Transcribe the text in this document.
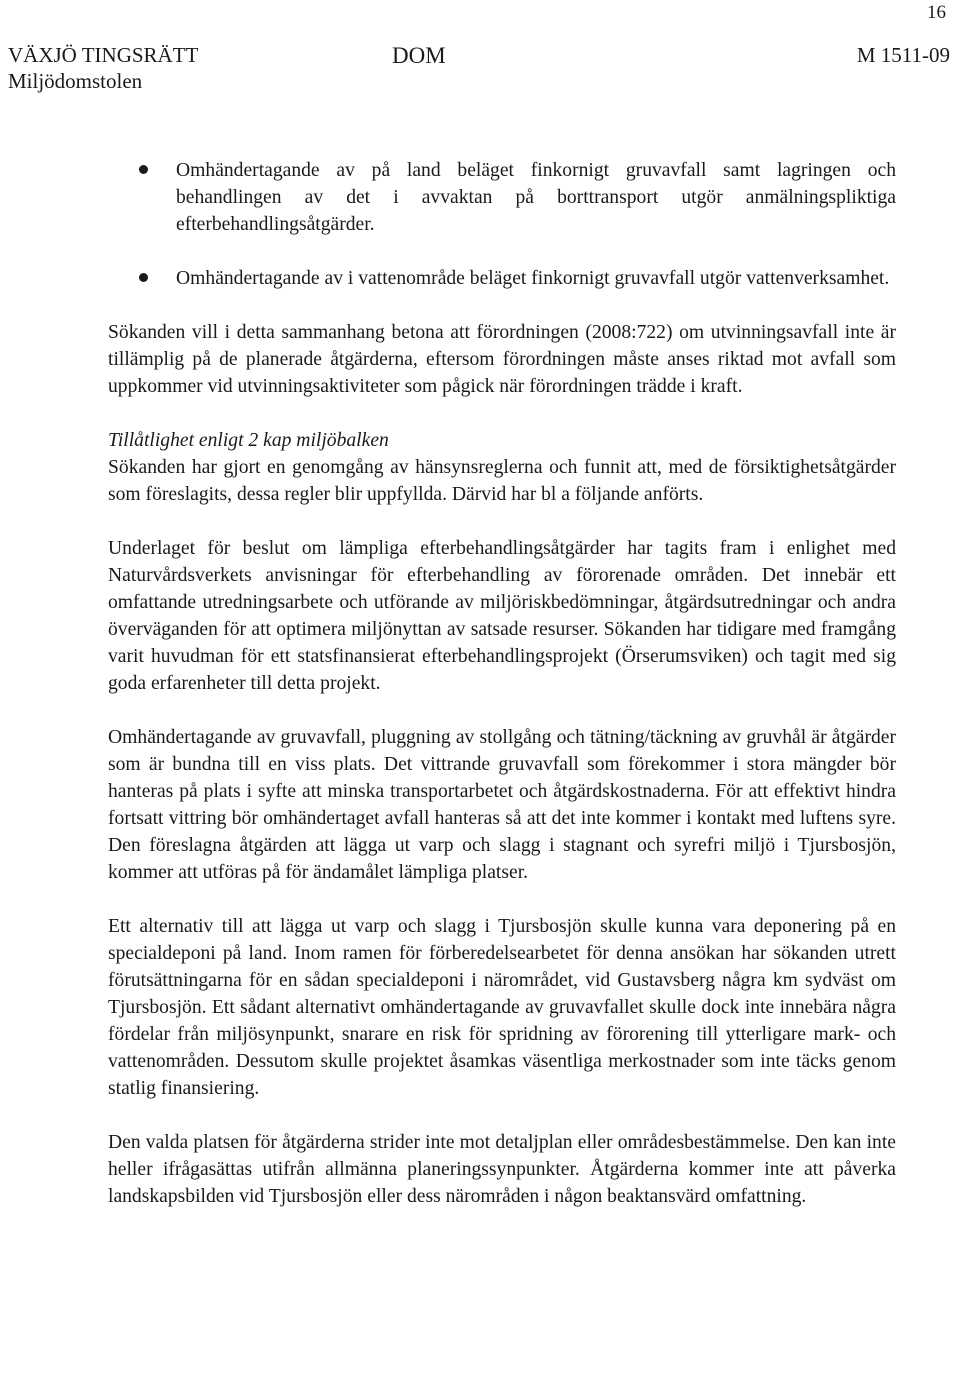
16
VÄXJÖ TINGSRÄTT
Miljödomstolen
DOM	M 1511-09
Omhändertagande av på land beläget finkornigt gruvavfall samt lagringen och behandlingen av det i avvaktan på borttransport utgör anmälningspliktiga efterbehandlingsåtgärder.
Omhändertagande av i vattenområde beläget finkornigt gruvavfall utgör vattenverksamhet.

Sökanden vill i detta sammanhang betona att förordningen (2008:722) om utvinningsavfall inte är tillämplig på de planerade åtgärderna, eftersom förordningen måste anses riktad mot avfall som uppkommer vid utvinningsaktiviteter som pågick när förordningen trädde i kraft.

Tillåtlighet enligt 2 kap miljöbalken

Sökanden har gjort en genomgång av hänsynsreglerna och funnit att, med de försiktighetsåtgärder som föreslagits, dessa regler blir uppfyllda. Därvid har bl a följande anförts.

Underlaget för beslut om lämpliga efterbehandlingsåtgärder har tagits fram i enlighet med Naturvårdsverkets anvisningar för efterbehandling av förorenade områden. Det innebär ett omfattande utredningsarbete och utförande av miljöriskbedömningar, åtgärdsutredningar och andra överväganden för att optimera miljönyttan av satsade resurser. Sökanden har tidigare med framgång varit huvudman för ett statsfinansierat efterbehandlingsprojekt (Örserumsviken) och tagit med sig goda erfarenheter till detta projekt.

Omhändertagande av gruvavfall, pluggning av stollgång och tätning/täckning av gruvhål är åtgärder som är bundna till en viss plats. Det vittrande gruvavfall som förekommer i stora mängder bör hanteras på plats i syfte att minska transportarbetet och åtgärdskostnaderna. För att effektivt hindra fortsatt vittring bör omhändertaget avfall hanteras så att det inte kommer i kontakt med luftens syre. Den föreslagna åtgärden att lägga ut varp och slagg i stagnant och syrefri miljö i Tjursbosjön, kommer att utföras på för ändamålet lämpliga platser.

Ett alternativ till att lägga ut varp och slagg i Tjursbosjön skulle kunna vara deponering på en specialdeponi på land. Inom ramen för förberedelsearbetet för denna ansökan har sökanden utrett förutsättningarna för en sådan specialdeponi i närområdet, vid Gustavsberg några km sydväst om Tjursbosjön. Ett sådant alternativt omhändertagande av gruvavfallet skulle dock inte innebära några fördelar från miljösynpunkt, snarare en risk för spridning av förorening till ytterligare mark- och vattenområden. Dessutom skulle projektet åsamkas väsentliga merkostnader som inte täcks genom statlig finansiering.

Den valda platsen för åtgärderna strider inte mot detaljplan eller områdesbestämmelse. Den kan inte heller ifrågasättas utifrån allmänna planeringssynpunkter. Åtgärderna kommer inte att påverka landskapsbilden vid Tjursbosjön eller dess närområden i någon beaktansvärd omfattning.
